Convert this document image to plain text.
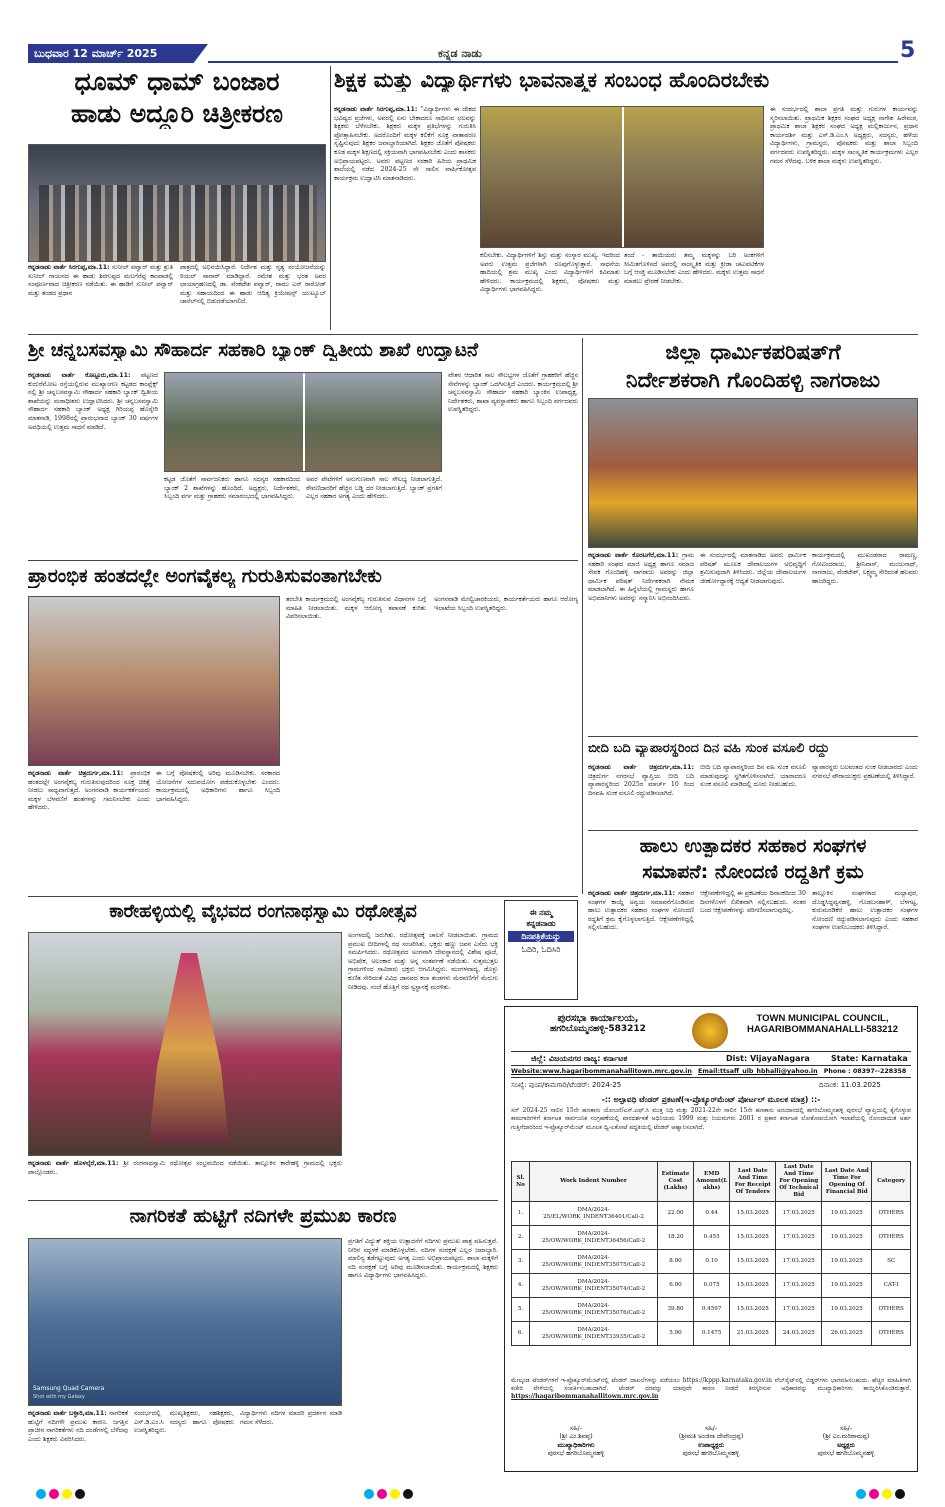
ಬುಧವಾರ 12 ಮಾರ್ಚ್ 2025	ಕನ್ನಡ ನಾಡು	5
ಧೂಮ್ ಧಾಮ್ ಬಂಜಾರ
ಹಾಡು ಅದ್ದೂರಿ ಚಿತ್ರೀಕರಣ
ಕನ್ನಡನಾಡು ವಾರ್ತೆ ಸಿರಗುಪ್ಪ,ಮಾ.11: ಸುನೀಲ್ ಪವ್ವಾರ್ ಮತ್ತು ಶ್ರುತಿ ಸುನೀಲ್ ಗಾಯನದ ಈ ಹಾಡು ಶಿರಗುಪ್ಪದ ಮಲಗೆರೆಪ್ಪ ಕಾಂಪಾಡಲ್ಲಿ ಸಂಪೂರ್ಣವಾದ ಚಿತ್ರೀಕರಣ ನಡೆಯಿತು. ಈ ಹಾಡಿಗೆ ಸುನೀಲ್ ಪವ್ವಾರ್ ಮತ್ತು ತಂಡದ ಪ್ರಧಾನ
ಪಾತ್ರದಲ್ಲಿ ಅಭಿನಯಿಸಿದ್ದಾರೆ. ನಿರ್ದೇಶ ಮತ್ತು ನೃತ್ಯ ಸಂಯೋಜನೆಯನ್ನು ರಿಯಲ್ ಸಾವಾರ್ ಮಾಡಿದ್ದಾರೆ. ರಮೇಶ ಮತ್ತು ಭರತ ಅವರ ಛಾಯಾಗ್ರಹಣದಲ್ಲಿ ಡಾ. ವೆಂಕಟೇಶ ಪವ್ವಾರ್, ರಾಮು ಎನ್ ರಾಠೋಡ್ ಮತ್ತು ಸಹಾಯದಿಂದ ಈ ಹಾಡು ಆದಿತ್ಯ ಕ್ರಿಯೇಷನ್ಸ್ ಯುಟ್ಯೂಬ್ ಚಾನೆಲ್‌ನಲ್ಲಿ ಬಿಡುಗಡೆಯಾಗಲಿದೆ.
ಶಿಕ್ಷಕ ಮತ್ತು ವಿದ್ಯಾರ್ಥಿಗಳು ಭಾವನಾತ್ಮಕ ಸಂಬಂಧ ಹೊಂದಿರಬೇಕು
ಕನ್ನಡನಾಡು ವಾರ್ತೆ ಸಿರಗುಪ್ಪ,ಮಾ.11: "ವಿದ್ಯಾರ್ಥಿಗಳು ಈ ದೇಶದ ಭವಿಷ್ಯದ ಪ್ರಜೆಗಳು, ಅವರಲ್ಲಿ ಏನು ಬೇಕಾದರೂ ಸಾಧಿಸುವ ಛಲವನ್ನು ಶಿಕ್ಷಕರು ಬೆಳೆಸಬೇಕು. ಶಿಕ್ಷಕರು ಮಕ್ಕಳ ಪ್ರತಿಭೆಗಳನ್ನು ಗುರುತಿಸಿ ಪ್ರೋತ್ಸಾಹಿಸಬೇಕು. ಅದರೊಂದಿಗೆ ಮಕ್ಕಳ ಕಲಿಕೆಗೆ ಸೂಕ್ತ ವಾತಾವರಣ ಸೃಷ್ಟಿಸುವುದು ಶಿಕ್ಷಕರ ಜವಾಬ್ದಾರಿಯಾಗಿದೆ. ಶಿಕ್ಷಕರ ಜೊತೆಗೆ ಪೋಷಕರು ಕೂಡ ಮಕ್ಕಳ ಶಿಕ್ಷಣದಲ್ಲಿ ಸಕ್ರಿಯವಾಗಿ ಭಾಗವಹಿಸಬೇಕು ಎಂದು ಶಾಸಕರು ಅಭಿಪ್ರಾಯಪಟ್ಟರು. ಅವರು ಪಟ್ಟಣದ ಸರಕಾರಿ ಹಿರಿಯ ಪ್ರಾಥಮಿಕ ಶಾಲೆಯಲ್ಲಿ ನಡೆದ 2024-25 ನೇ ಸಾಲಿನ ವಾರ್ಷಿಕೋತ್ಸವ ಕಾರ್ಯಕ್ರಮ ಉದ್ಘಾಟಿಸಿ ಮಾತನಾಡಿದರು.
ಕಲಿಸಬೇಕು. ವಿದ್ಯಾರ್ಥಿಗಳಿಗೆ ಶಿಸ್ತು ಮತ್ತು ಸಂಸ್ಕಾರ ಮುಖ್ಯ. ಇದರಿಂದ ಅವರು ಉತ್ತಮ ಪ್ರಜೆಗಳಾಗಿ ರೂಪುಗೊಳ್ಳುತ್ತಾರೆ. ಸಾಧನೆಯ ಹಾದಿಯಲ್ಲಿ ಶ್ರಮ ಮುಖ್ಯ ಎಂದು ವಿದ್ಯಾರ್ಥಿಗಳಿಗೆ ಕಿವಿಮಾತು ಹೇಳಿದರು. ಕಾರ್ಯಕ್ರಮದಲ್ಲಿ ಶಿಕ್ಷಕರು, ಪೋಷಕರು ಮತ್ತು ವಿದ್ಯಾರ್ಥಿಗಳು ಭಾಗವಹಿಸಿದ್ದರು.
ತಂದೆ - ತಾಯಿಯರು ತಮ್ಮ ಮಕ್ಕಳನ್ನು ಬರಿ ಅಂಕಗಳಿಗೆ ಸೀಮಿತಗೊಳಿಸದೆ ಅವರಲ್ಲಿ ಸಾಂಸ್ಕೃತಿಕ ಮತ್ತು ಕ್ರೀಡಾ ಚಟುವಟಿಕೆಗಳ ಬಗ್ಗೆ ಆಸಕ್ತಿ ಮೂಡಿಸಬೇಕು ಎಂದು ಹೇಳಿದರು. ಮಕ್ಕಳು ಉತ್ತಮ ಸಾಧನೆ ಮಾಡಲು ಪ್ರೇರಣೆ ನೀಡಬೇಕು.
ಈ ಸಂದರ್ಭದಲ್ಲಿ ಶಾಲಾ ಪ್ರಗತಿ ಮತ್ತು ಗುರುಗಳ ಕಾರ್ಯವನ್ನು ಸ್ಮರಿಸಲಾಯಿತು. ಪ್ರಾಥಮಿಕ ಶಿಕ್ಷಕರ ಸಂಘದ ಅಧ್ಯಕ್ಷ ನಾಗೇಶ ಹಿರೇಮಠ, ಪ್ರಾಥಮಿಕ ಶಾಲಾ ಶಿಕ್ಷಕರ ಸಂಘದ ಅಧ್ಯಕ್ಷ ಮಲ್ಲಿಕಾರ್ಜುನ, ಪ್ರಧಾನ ಕಾರ್ಯದರ್ಶಿ ಮತ್ತು ಎಸ್.ಡಿ.ಎಂ.ಸಿ ಅಧ್ಯಕ್ಷರು, ಸದಸ್ಯರು, ಹಳೆಯ ವಿದ್ಯಾರ್ಥಿಗಳು, ಗ್ರಾಮಸ್ಥರು, ಪೋಷಕರು ಮತ್ತು ಶಾಲಾ ಸಿಬ್ಬಂದಿ ವರ್ಗದವರು ಉಪಸ್ಥಿತರಿದ್ದರು. ಮಕ್ಕಳ ಸಾಂಸ್ಕೃತಿಕ ಕಾರ್ಯಕ್ರಮಗಳು ಎಲ್ಲರ ಗಮನ ಸೆಳೆದವು. ಬಳಿಕ ಶಾಲಾ ಮಕ್ಕಳು ಉಪಸ್ಥಿತರಿದ್ದರು.
ಶ್ರೀ ಚನ್ನಬಸವಸ್ವಾಮಿ ಸೌಹಾರ್ದ ಸಹಕಾರಿ ಬ್ಯಾಂಕ್ ದ್ವಿತೀಯ ಶಾಖೆ ಉದ್ಘಾಟನೆ
ಕನ್ನಡನಾಡು ವಾರ್ತೆ ಕೊಟ್ಟೂರು,ಮಾ.11: ಪಟ್ಟಣದ ಕುದುರೆಮೋಟ ರಸ್ತೆಯಲ್ಲಿರುವ ಮುಖ್ಯಾಂಗಣ ಕಟ್ಟಡದ ಕಾಂಪ್ಲೆಕ್ಸ್ ನಲ್ಲಿ ಶ್ರೀ ಚನ್ನಬಸವಸ್ವಾಮಿ ಸೌಹಾರ್ದ ಸಹಕಾರಿ ಬ್ಯಾಂಕ್ ದ್ವಿತೀಯ ಶಾಖೆಯನ್ನು ಮಠಾಧೀಶರು ಉದ್ಘಾಟಿಸಿದರು. ಶ್ರೀ ಚನ್ನಬಸವಸ್ವಾಮಿ ಸೌಹಾರ್ದ ಸಹಕಾರಿ ಬ್ಯಾಂಕ್ ಅಧ್ಯಕ್ಷ ಗಿರಿಯಪ್ಪ ಹೊಸ್ಕೇರಿ ಮಾತನಾಡಿ, 1998ರಲ್ಲಿ ಪ್ರಾರಂಭವಾದ ಬ್ಯಾಂಕ್ 30 ವರ್ಷಗಳ ಅವಧಿಯಲ್ಲಿ ಉತ್ತಮ ಸಾಧನೆ ಮಾಡಿದೆ.
ಕಟ್ಟಡ ಜೊತೆಗೆ ಸಾರ್ವಜನಿಕರು ಹಾಗೂ ಸದಸ್ಯರ ಸಹಕಾರದಿಂದ ಬ್ಯಾಂಕ್ 2 ಶಾಖೆಗಳನ್ನು ಹೊಂದಿದೆ. ಅಧ್ಯಕ್ಷರು, ನಿರ್ದೇಶಕರು, ಸಿಬ್ಬಂದಿ ವರ್ಗ ಮತ್ತು ಗ್ರಾಹಕರು ಸಮಾರಂಭದಲ್ಲಿ ಭಾಗವಹಿಸಿದ್ದರು.
ಅವರ ಪೇಟೆಗಳಿಗೆ ಅನುಗುಣವಾಗಿ ಸಾಲ ಸೌಲಭ್ಯ ನೀಡಲಾಗುತ್ತಿದೆ. ಠೇವಣಿದಾರರಿಗೆ ಹೆಚ್ಚಿನ ಬಡ್ಡಿ ದರ ನೀಡಲಾಗುತ್ತಿದೆ. ಬ್ಯಾಂಕ್ ಪ್ರಗತಿಗೆ ಎಲ್ಲರ ಸಹಕಾರ ಅಗತ್ಯ ಎಂದು ಹೇಳಿದರು.
ವೇತನ ಆಧಾರಿತ ಸಾಲ ಸೌಲಭ್ಯಗಳ ಜೊತೆಗೆ ಗ್ರಾಹಕರಿಗೆ ಹೆಚ್ಚಿನ ಸೇವೆಗಳನ್ನು ಬ್ಯಾಂಕ್ ಒದಗಿಸುತ್ತಿದೆ ಎಂದರು. ಕಾರ್ಯಕ್ರಮದಲ್ಲಿ ಶ್ರೀ ಚನ್ನಬಸವಸ್ವಾಮಿ ಸೌಹಾರ್ದ ಸಹಕಾರಿ ಬ್ಯಾಂಕಿನ ಉಪಾಧ್ಯಕ್ಷ, ನಿರ್ದೇಶಕರು, ಶಾಖಾ ವ್ಯವಸ್ಥಾಪಕರು ಹಾಗೂ ಸಿಬ್ಬಂದಿ ವರ್ಗದವರು ಉಪಸ್ಥಿತರಿದ್ದರು.
ಪ್ರಾರಂಭಿಕ ಹಂತದಲ್ಲೇ ಅಂಗವೈಕಲ್ಯ ಗುರುತಿಸುವಂತಾಗಬೇಕು
ಕನ್ನಡನಾಡು ವಾರ್ತೆ ಚಿತ್ರದುರ್ಗ,ಮಾ.11: ಪ್ರಾರಂಭಿಕ ಹಂತದಲ್ಲೇ ಅಂಗವೈಕಲ್ಯ ಗುರುತಿಸುವುದರಿಂದ ಸೂಕ್ತ ಚಿಕಿತ್ಸೆ ನೀಡಲು ಸಾಧ್ಯವಾಗುತ್ತದೆ. ಅಂಗನವಾಡಿ ಕಾರ್ಯಕರ್ತೆಯರು ಮಕ್ಕಳ ಬೆಳವಣಿಗೆ ಹಂತಗಳನ್ನು ಗಮನಿಸಬೇಕು ಎಂದು ಹೇಳಿದರು.
ಈ ಬಗ್ಗೆ ಪೋಷಕರಲ್ಲಿ ಅರಿವು ಮೂಡಿಸಬೇಕು. ಸರಕಾರದ ಯೋಜನೆಗಳ ಸದುಪಯೋಗ ಪಡೆದುಕೊಳ್ಳಬೇಕು ಎಂದರು. ಕಾರ್ಯಕ್ರಮದಲ್ಲಿ ಅಧಿಕಾರಿಗಳು ಹಾಗೂ ಸಿಬ್ಬಂದಿ ಭಾಗವಹಿಸಿದ್ದರು.
ತರಬೇತಿ ಕಾರ್ಯಕ್ರಮದಲ್ಲಿ ಅಂಗವೈಕಲ್ಯ ಗುರುತಿಸುವ ವಿಧಾನಗಳ ಬಗ್ಗೆ ಮಾಹಿತಿ ನೀಡಲಾಯಿತು. ಮಕ್ಕಳ ಆರೋಗ್ಯ ತಪಾಸಣೆ ಕುರಿತು ವಿವರಿಸಲಾಯಿತು.
ಅಂಗನವಾಡಿ ಮೇಲ್ವಿಚಾರಕಿಯರು, ಕಾರ್ಯಕರ್ತೆಯರು ಹಾಗೂ ಆರೋಗ್ಯ ಇಲಾಖೆಯ ಸಿಬ್ಬಂದಿ ಉಪಸ್ಥಿತರಿದ್ದರು.
ಜಿಲ್ಲಾ ಧಾರ್ಮಿಕಪರಿಷತ್‌ಗೆ
ನಿರ್ದೇಶಕರಾಗಿ ಗೊಂದಿಹಳ್ಳಿ ನಾಗರಾಜು
ಕನ್ನಡನಾಡು ವಾರ್ತೆ ಕೊರಟಗೆರೆ,ಮಾ.11: ಗ್ರಾಮ ಸಹಕಾರಿ ಸಂಘದ ಮಾಜಿ ಅಧ್ಯಕ್ಷ ಹಾಗೂ ಸಮಾಜ ಸೇವಕ ಗೊಂದಿಹಳ್ಳಿ ನಾಗರಾಜು ಅವರನ್ನು ಜಿಲ್ಲಾ ಧಾರ್ಮಿಕ ಪರಿಷತ್ ನಿರ್ದೇಶಕರಾಗಿ ನೇಮಕ ಮಾಡಲಾಗಿದೆ. ಈ ಹಿನ್ನೆಲೆಯಲ್ಲಿ ಗ್ರಾಮಸ್ಥರು ಹಾಗೂ ಅಭಿಮಾನಿಗಳು ಅವರನ್ನು ಸನ್ಮಾನಿಸಿ ಅಭಿನಂದಿಸಿದರು.
ಈ ಸಂದರ್ಭದಲ್ಲಿ ಮಾತನಾಡಿದ ಅವರು ಧಾರ್ಮಿಕ ಪರಿಷತ್ ಮೂಲಕ ದೇವಾಲಯಗಳ ಅಭಿವೃದ್ಧಿಗೆ ಶ್ರಮಿಸುವುದಾಗಿ ತಿಳಿಸಿದರು. ಜಿಲ್ಲೆಯ ದೇವಾಲಯಗಳ ಜೀರ್ಣೋದ್ಧಾರಕ್ಕೆ ಆದ್ಯತೆ ನೀಡಲಾಗುವುದು.
ಕಾರ್ಯಕ್ರಮದಲ್ಲಿ ಮುಖಂಡರಾದ ರಾಮಣ್ಣ, ಗೋವಿಂದರಾಜು, ಶ್ರೀನಿವಾಸ್, ಮಂಜುನಾಥ್, ನಾಗರಾಜು, ವೆಂಕಟೇಶ್, ಲಕ್ಷ್ಮಮ್ಮ ಸೇರಿದಂತೆ ಹಲವರು ಹಾಜರಿದ್ದರು.
ಬೀದಿ ಬದಿ ವ್ಯಾಪಾರಸ್ಥರಿಂದ ದಿನ ವಹಿ ಸುಂಕ ವಸೂಲಿ ರದ್ದು
ಕನ್ನಡನಾಡು ವಾರ್ತೆ ಚಿತ್ರದುರ್ಗ,ಮಾ.11: ಚಿತ್ರದುರ್ಗ ನಗರಸಭೆ ವ್ಯಾಪ್ತಿಯ ಬೀದಿ ಬದಿ ವ್ಯಾಪಾರಸ್ಥರಿಂದ 2025ರ ಮಾರ್ಚ್ 10 ರಿಂದ ದಿನವಹಿ ಸುಂಕ ವಸೂಲಿ ರದ್ದುಪಡಿಸಲಾಗಿದೆ.
ಬೀದಿ ಬದಿ ವ್ಯಾಪಾರಸ್ಥರಿಂದ ದಿನ ವಹಿ ಸುಂಕ ವಸೂಲಿ ಮಾಡುವುದನ್ನು ಸ್ಥಗಿತಗೊಳಿಸಲಾಗಿದೆ. ಯಾರಾದರೂ ಸುಂಕ ವಸೂಲಿ ಮಾಡಿದಲ್ಲಿ ದೂರು ನೀಡಬಹುದು.
ವ್ಯಾಪಾರಸ್ಥರು ಬಲವಂತದ ಸುಂಕ ನೀಡಬಾರದು ಎಂದು ನಗರಸಭೆ ಪೌರಾಯುಕ್ತರು ಪ್ರಕಟಣೆಯಲ್ಲಿ ತಿಳಿಸಿದ್ದಾರೆ.
ಹಾಲು ಉತ್ಪಾದಕರ ಸಹಕಾರ ಸಂಘಗಳ
ಸಮಾಪನೆ: ನೋಂದಣಿ ರದ್ದತಿಗೆ ಕ್ರಮ
ಕನ್ನಡನಾಡು ವಾರ್ತೆ ಚಿತ್ರದುರ್ಗ,ಮಾ.11: ಸಹಕಾರ ಸಂಘಗಳ ಕಾಯ್ದೆ ಅನ್ವಯ ಸಮಾಪನೆಗೊಂಡಿರುವ ಹಾಲು ಉತ್ಪಾದಕರ ಸಹಕಾರ ಸಂಘಗಳ ನೋಂದಣಿ ರದ್ದತಿಗೆ ಕ್ರಮ ಕೈಗೊಳ್ಳಲಾಗುತ್ತಿದೆ. ಆಕ್ಷೇಪಣೆಗಳಿದ್ದಲ್ಲಿ ಸಲ್ಲಿಸಬಹುದು.
ಆಕ್ಷೇಪಣೆಗಳಿದ್ದಲ್ಲಿ ಈ ಪ್ರಕಟಣೆಯ ದಿನಾಂಕದಿಂದ 30 ದಿನಗಳೊಳಗೆ ಲಿಖಿತವಾಗಿ ಸಲ್ಲಿಸಬಹುದು. ನಂತರ ಬಂದ ಆಕ್ಷೇಪಣೆಗಳನ್ನು ಪರಿಗಣಿಸಲಾಗುವುದಿಲ್ಲ.
ತಾಲ್ಲೂಕಿನ ಸಂಘಗಳಾದ ಮಲ್ಲಾಪುರ, ದೊಡ್ಡಸಿದ್ದವ್ವನಹಳ್ಳಿ, ಗೊಡಬನಹಾಳ್, ಬೆಳಗಟ್ಟ, ಕುರುಮರಡಿಕೆರೆ ಹಾಲು ಉತ್ಪಾದಕರ ಸಂಘಗಳ ನೋಂದಣಿ ರದ್ದುಪಡಿಸಲಾಗುವುದು ಎಂದು ಸಹಕಾರ ಸಂಘಗಳ ಉಪನಿಬಂಧಕರು ತಿಳಿಸಿದ್ದಾರೆ.
ಕಾರೇಹಳ್ಳಿಯಲ್ಲಿ ವೈಭವದ ರಂಗನಾಥಸ್ವಾಮಿ ರಥೋತ್ಸವ
ಕನ್ನಡನಾಡು ವಾರ್ತೆ ಹೊಳಲ್ಕೆರೆ,ಮಾ.11: ಶ್ರೀ ರಂಗನಾಥಸ್ವಾಮಿ ರಥೋತ್ಸವ ಸಂಭ್ರಮದಿಂದ ನಡೆಯಿತು. ತಾಲ್ಲೂಕಿನ ಕಾರೇಹಳ್ಳಿ ಗ್ರಾಮದಲ್ಲಿ ಭಕ್ತರು ಪಾಲ್ಗೊಂಡರು.
ಅಂಗಳದಲ್ಲಿ ಜರುಗಿತು. ರಥೋತ್ಸವಕ್ಕೆ ಚಾಲನೆ ನೀಡಲಾಯಿತು. ಗ್ರಾಮದ ಪ್ರಮುಖ ಬೀದಿಗಳಲ್ಲಿ ರಥ ಸಂಚರಿಸಿತು. ಭಕ್ತರು ಹಣ್ಣು ಜವನ ಎಸೆದು ಭಕ್ತಿ ಸಮರ್ಪಿಸಿದರು. ರಥೋತ್ಸವದ ಅಂಗವಾಗಿ ದೇವಸ್ಥಾನದಲ್ಲಿ ವಿಶೇಷ ಪೂಜೆ, ಅಭಿಷೇಕ, ಅಲಂಕಾರ ಮತ್ತು ಅನ್ನ ಸಂತರ್ಪಣೆ ನಡೆಯಿತು. ಸುತ್ತಮುತ್ತಲ ಗ್ರಾಮಗಳಿಂದ ಸಾವಿರಾರು ಭಕ್ತರು ಆಗಮಿಸಿದ್ದರು. ಮಂಗಳವಾದ್ಯ, ಡೊಳ್ಳು ಕುಣಿತ ಸೇರಿದಂತೆ ವಿವಿಧ ಜಾನಪದ ಕಲಾ ತಂಡಗಳು ಮೆರವಣಿಗೆಗೆ ಮೆರುಗು ನೀಡಿದವು. ಸಂಜೆ ಹೊತ್ತಿಗೆ ರಥ ಸ್ವಸ್ಥಾನಕ್ಕೆ ಮರಳಿತು.
ಈ ನಮ್ಮ
ಕನ್ನಡನಾಡು
ದಿನಪತ್ರಿಕೆಯನ್ನು
ಓದಿರಿ, ಓದಿಸಿರಿ
ನಾಗರಿಕತೆ ಹುಟ್ಟಿಗೆ ನದಿಗಳೇ ಪ್ರಮುಖ ಕಾರಣ
Samsung Quad Camera
Shot with my Galaxy
ಕನ್ನಡನಾಡು ವಾರ್ತೆ ಬಳ್ಳಾರಿ,ಮಾ.11: ನಾಗರಿಕತೆ ಹುಟ್ಟಿಗೆ ನದಿಗಳೇ ಪ್ರಮುಖ ಕಾರಣ. ಜಗತ್ತಿನ ಪ್ರಾಚೀನ ನಾಗರಿಕತೆಗಳು ನದಿ ದಂಡೆಗಳಲ್ಲಿ ಬೆಳೆದವು ಎಂದು ಶಿಕ್ಷಕರು ವಿವರಿಸಿದರು.
ಸಂದರ್ಭದಲ್ಲಿ ಮುಖ್ಯಶಿಕ್ಷಕರು, ಸಹಶಿಕ್ಷಕರು, ಎಸ್.ಡಿ.ಎಂ.ಸಿ ಸದಸ್ಯರು ಹಾಗೂ ಪೋಷಕರು ಉಪಸ್ಥಿತರಿದ್ದರು.
ವಿದ್ಯಾರ್ಥಿಗಳು ನದಿಗಳ ಮಾದರಿ ಪ್ರದರ್ಶನ ಮಾಡಿ ಗಮನ ಸೆಳೆದರು.
ಪ್ರಗತಿಗೆ ವಿದ್ಯುತ್ ಶಕ್ತಿಯ ಉತ್ಪಾದನೆಗೆ ನದಿಗಳು ಪ್ರಮುಖ ಪಾತ್ರ ವಹಿಸುತ್ತವೆ. ನೀರಿನ ಸದ್ಬಳಕೆ ಮಾಡಿಕೊಳ್ಳಬೇಕು. ನದಿಗಳ ಸಂರಕ್ಷಣೆ ಎಲ್ಲರ ಜವಾಬ್ದಾರಿ. ಮಾಲಿನ್ಯ ತಡೆಗಟ್ಟುವುದು ಅಗತ್ಯ ಎಂದು ಅಭಿಪ್ರಾಯಪಟ್ಟರು. ಶಾಲಾ ಮಕ್ಕಳಿಗೆ ನದಿ ಸಂರಕ್ಷಣೆ ಬಗ್ಗೆ ಅರಿವು ಮೂಡಿಸಲಾಯಿತು. ಕಾರ್ಯಕ್ರಮದಲ್ಲಿ ಶಿಕ್ಷಕರು ಹಾಗೂ ವಿದ್ಯಾರ್ಥಿಗಳು ಭಾಗವಹಿಸಿದ್ದರು.
ಪುರಸಭಾ ಕಾರ್ಯಾಲಯ,
ಹಗರಿಬೊಮ್ಮನಹಳ್ಳಿ-583212
TOWN MUNICIPAL COUNCIL,
HAGARIBOMMANAHALLI-583212
ಜಿಲ್ಲೆ: ವಿಜಯನಗರ ರಾಜ್ಯ: ಕರ್ನಾಟಕ	Dist: VijayaNagara	State: Karnataka
Website:www.hagaribommanahallitown.mrc.gov.in Email:ttsaff_ulb_hbhalli@yahoo.in Phone : 08397--228358
ಸಂಖ್ಯೆ: ಪುಂಪ/ಕಾಮಗಾರಿ/ಟೆಂಡರ್: 2024-25	ದಿನಾಂಕ: 11.03.2025
-:: ಅಲ್ಪಾವಧಿ ಟೆಂಡರ್ ಪ್ರಕಟಣೆ(ಇ-ಪ್ರೊಕ್ಯೂರ್‌ಮೆಂಟ್ ಪೋರ್ಟಲ್ ಮೂಲಕ ಮಾತ್ರ) ::-
ಸನ್ 2024-25 ಸಾಲಿನ 15ನೇ ಹಣಕಾಸು ಯೋಜನೆ/ಎಸ್.ಎಫ್.ಸಿ ಮುಕ್ತ ನಿಧಿ ಮತ್ತು 2021-22ನೇ ಸಾಲಿನ 15ನೇ ಹಣಕಾಸು ಅನುದಾನದಲ್ಲಿ ಹಗರಿಬೊಮ್ಮನಹಳ್ಳಿ ಪುರಸಭೆ ವ್ಯಾಪ್ತಿಯಲ್ಲಿ ಕೈಗೊಳ್ಳುವ ಕಾಮಗಾರಿಗಳಿಗೆ ಕರ್ನಾಟಕ ಸಾರ್ವಜನಿಕ ಸಂಗ್ರಹಣೆಯಲ್ಲಿ ಪಾರದರ್ಶಕತೆ ಅಧಿನಿಯಮ 1999 ಮತ್ತು ನಿಯಮಗಳು 2001 ರ ಪ್ರಕಾರ ಕರ್ನಾಟಕ ಲೋಕೋಪಯೋಗಿ ಇಲಾಖೆಯಲ್ಲಿ ನೋಂದಾಯಿತ ಅರ್ಹ ಗುತ್ತಿಗೆದಾರರಿಂದ ಇ-ಪ್ರೊಕ್ಯೂರ್‌ಮೆಂಟ್ ಮೂಲಕ ದ್ವಿ-ಲಕೋಟೆ ಪದ್ಧತಿಯಲ್ಲಿ ಟೆಂಡರ್ ಆಹ್ವಾನಿಸಲಾಗಿದೆ.
Sl. No	Work Indent Number	Estimate Cost (Lakhs)	EMD Amount(L akhs)	Last Date And Time For Receipt Of Tenders	Last Date And Time For Opening Of Technical Bid	Last Date And Time For Opening Of Financial Bid	Category
1.	DMA/2024-25/EL/WORK_INDENT36401/Call-2	22.00	0.44	15.03.2025	17.03.2025	19.03.2025	OTHERS
2.	DMA/2024-25/OW/WORK_INDENT36456/Call-2	18.20	0.455	15.03.2025	17.03.2025	19.03.2025	OTHERS
3.	DMA/2024-25/OW/WORK_INDENT35075/Call-2	8.00	0.10	15.03.2025	17.03.2025	19.03.2025	SC
4.	DMA/2024-25/OW/WORK_INDENT35074/Call-2	6.00	0.075	15.03.2025	17.03.2025	19.03.2025	CAT-I
5.	DMA/2024-25/OW/WORK_INDENT35076/Call-2	39.80	0.4597	15.03.2025	17.03.2025	19.03.2025	OTHERS
6.	DMA/2024-25/OW/WORK_INDENT33935/Call-2	5.90	0.1475	21.03.2025	24.03.2025	26.03.2025	OTHERS
ಮೇಲ್ಕಂಡ ಟೆಂಡರ್‌ಗಳಿಗೆ ಇ-ಪ್ರೊಕ್ಯೂರ್‌ಮೆಂಟ್‌ನಲ್ಲಿ ಟೆಂಡರ್ ದಾಖಲೆಗಳನ್ನು ಪಡೆಯಲು https://kppp.karnataka.gov.in ವೆಬ್‌ಸೈಟ್‌ನಲ್ಲಿ ಬಿಡ್ಡರ್‌ಗಳು ಭಾಗವಹಿಸಬಹುದು. ಹೆಚ್ಚಿನ ಮಾಹಿತಿಗಾಗಿ ಕಚೇರಿ ವೇಳೆಯಲ್ಲಿ ಸಂಪರ್ಕಿಸಬಹುದಾಗಿದೆ. ಟೆಂಡರ್ ದರವನ್ನು ಯಾವುದೇ ಕಾರಣ ನೀಡದೆ ತಿರಸ್ಕರಿಸುವ ಅಧಿಕಾರವನ್ನು ಮುಖ್ಯಾಧಿಕಾರಿಗಳು ಕಾಯ್ದಿರಿಸಿಕೊಂಡಿರುತ್ತಾರೆ. https://hagaribommanahallitown.mrc.gov.in
ಸಹಿ/-
(ಶ್ರೀ ಎಂ.ಶಿವಪ್ಪ)
ಮುಖ್ಯಾಧಿಕಾರಿಗಳು
ಪುರಸಭೆ ಹಗರಿಬೊಮ್ಮನಹಳ್ಳಿ
ಸಹಿ/-
(ಶ್ರೀಮತಿ ಅಂಜಿನಾ ದೇವೇಂದ್ರಪ್ಪ)
ಉಪಾಧ್ಯಕ್ಷರು
ಪುರಸಭೆ ಹಗರಿಬೊಮ್ಮನಹಳ್ಳಿ
ಸಹಿ/-
(ಶ್ರೀ ಎಂ.ಮರಿರಾಮಪ್ಪ)
ಅಧ್ಯಕ್ಷರು
ಪುರಸಭೆ ಹಗರಿಬೊಮ್ಮನಹಳ್ಳಿ
